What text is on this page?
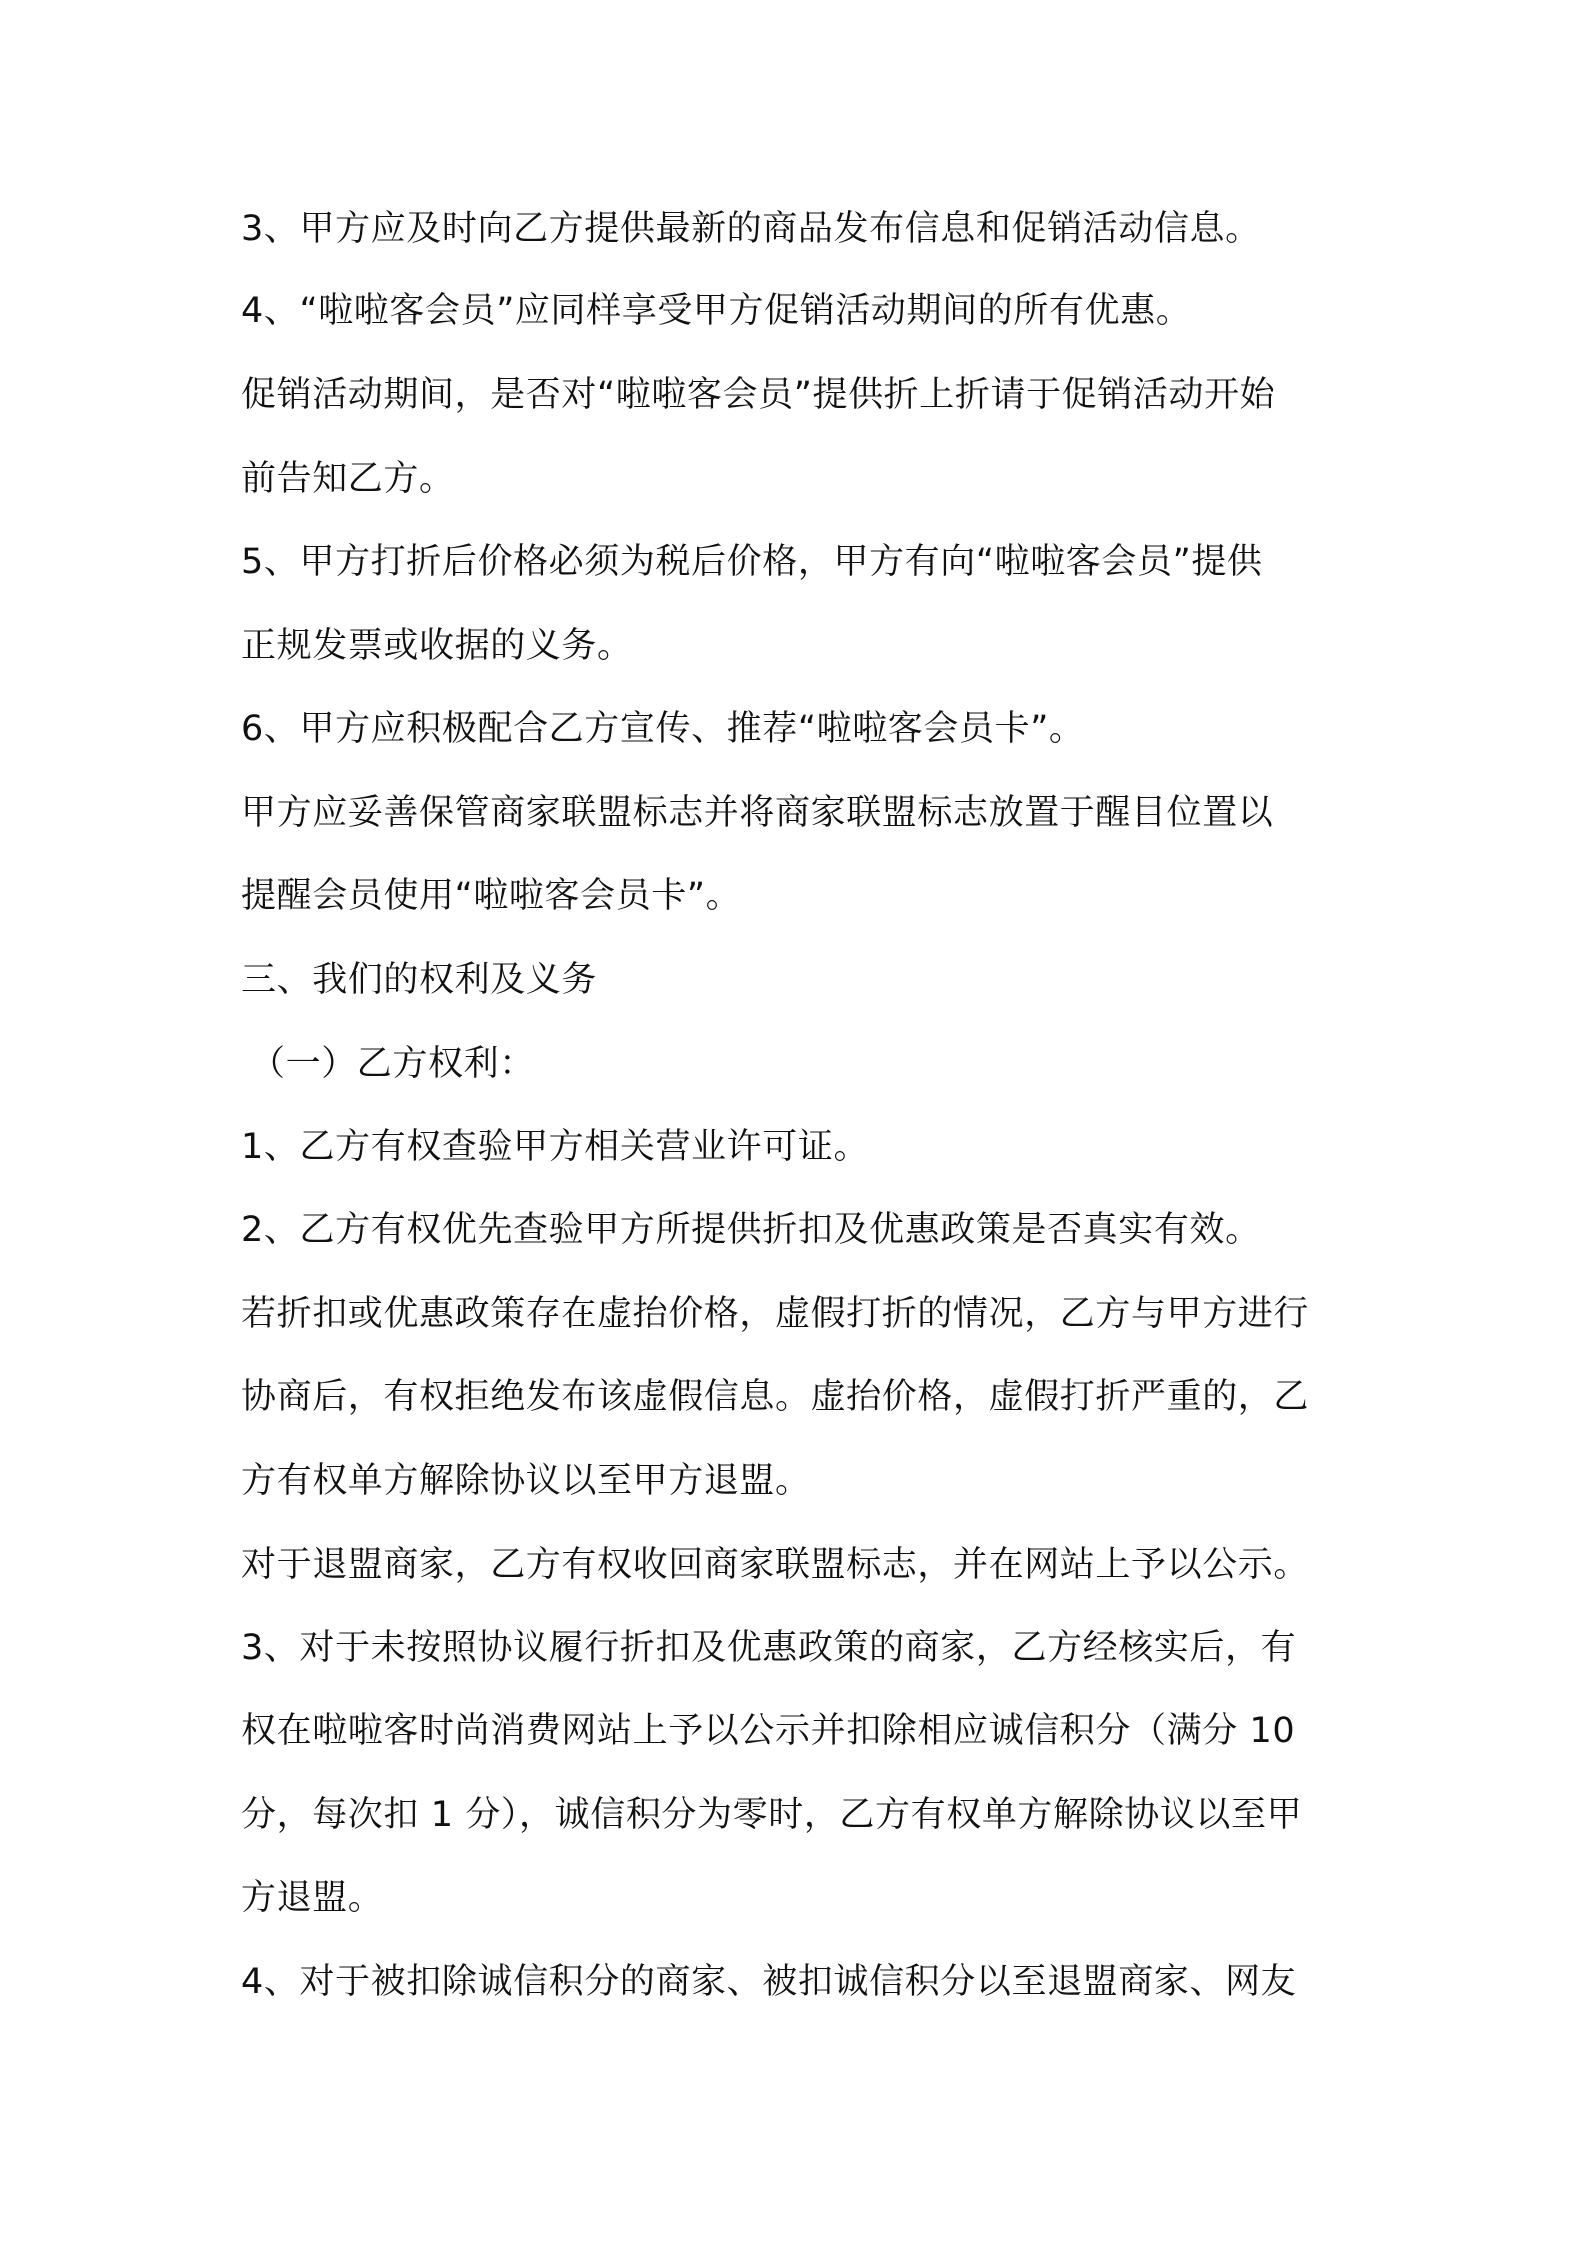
3、甲方应及时向乙方提供最新的商品发布信息和促销活动信息。
4、“啦啦客会员”应同样享受甲方促销活动期间的所有优惠。
促销活动期间，是否对“啦啦客会员”提供折上折请于促销活动开始
前告知乙方。
5、甲方打折后价格必须为税后价格，甲方有向“啦啦客会员”提供
正规发票或收据的义务。
6、甲方应积极配合乙方宣传、推荐“啦啦客会员卡”。
甲方应妥善保管商家联盟标志并将商家联盟标志放置于醒目位置以
提醒会员使用“啦啦客会员卡”。
三、我们的权利及义务
（一）乙方权利：
1、乙方有权查验甲方相关营业许可证。
2、乙方有权优先查验甲方所提供折扣及优惠政策是否真实有效。
若折扣或优惠政策存在虚抬价格，虚假打折的情况，乙方与甲方进行
协商后，有权拒绝发布该虚假信息。虚抬价格，虚假打折严重的，乙
方有权单方解除协议以至甲方退盟。
对于退盟商家，乙方有权收回商家联盟标志，并在网站上予以公示。
3、对于未按照协议履行折扣及优惠政策的商家，乙方经核实后，有
权在啦啦客时尚消费网站上予以公示并扣除相应诚信积分（满分 10
分，每次扣 1 分），诚信积分为零时，乙方有权单方解除协议以至甲
方退盟。
4、对于被扣除诚信积分的商家、被扣诚信积分以至退盟商家、网友
